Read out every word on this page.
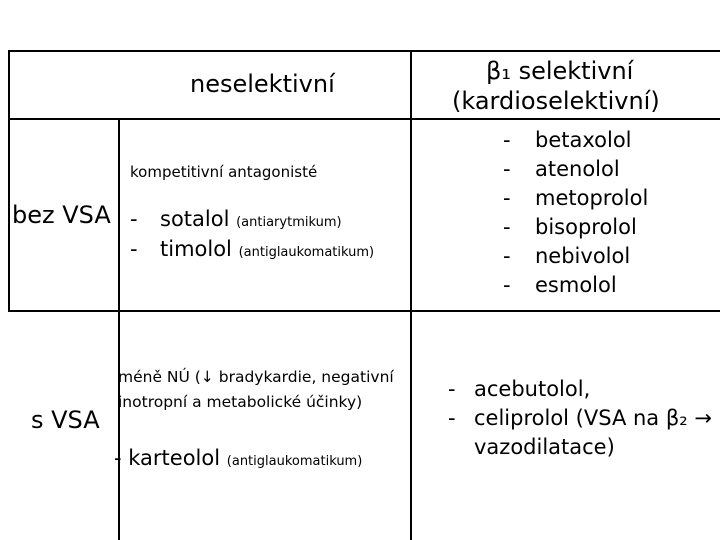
neselektivní	β₁ selektivní
(kardioselektivní)
bez VSA
s VSA
kompetitivní antagonisté
- sotalol (antiarytmikum)
- timolol (antiglaukomatikum)
- betaxolol
- atenolol
- metoprolol
- bisoprolol
- nebivolol
- esmolol
méně NÚ (↓ bradykardie, negativní
inotropní a metabolické účinky)
- karteolol (antiglaukomatikum)
- acebutolol,
- celiprolol (VSA na β₂ →
vazodilatace)
